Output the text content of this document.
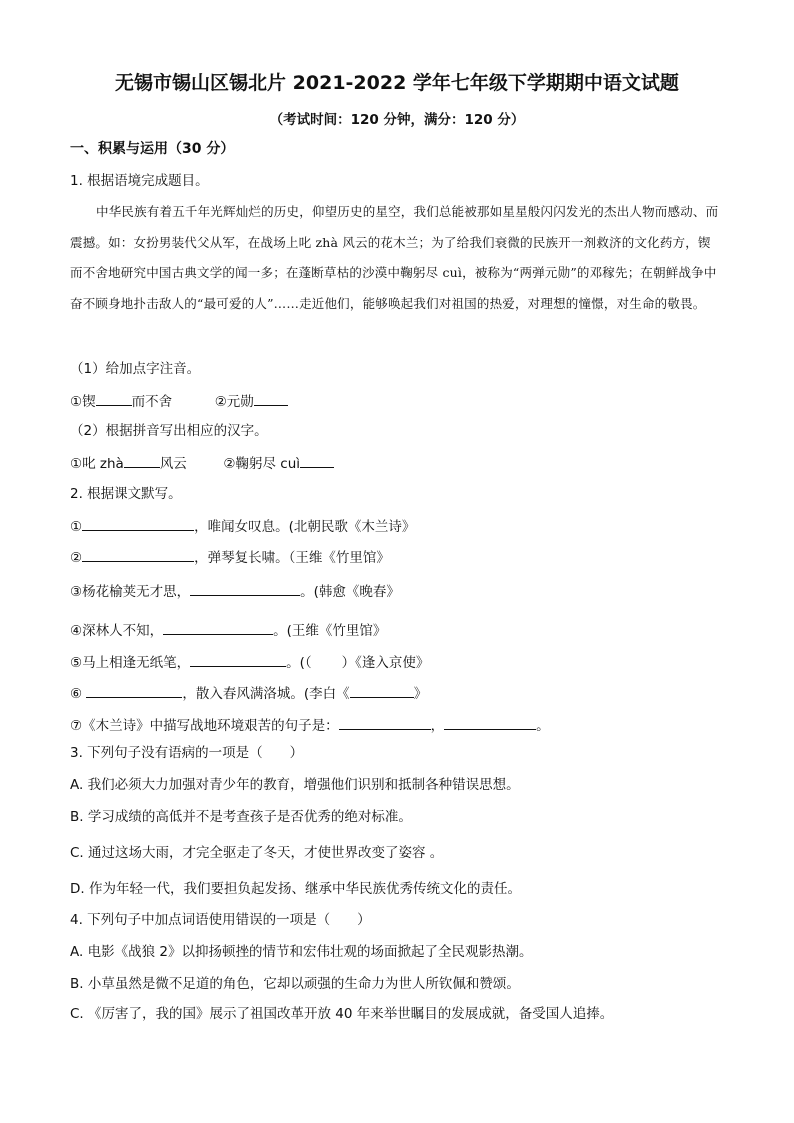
无锡市锡山区锡北片 2021-2022 学年七年级下学期期中语文试题
（考试时间：120 分钟，满分：120 分）
一、积累与运用（30 分）
1. 根据语境完成题目。
中华民族有着五千年光辉灿烂的历史，仰望历史的星空，我们总能被那如星星般闪闪发光的杰出人物而感动、而震撼。如：女扮男装代父从军，在战场上叱 zhà 风云的花木兰；为了给我们衰微的民族开一剂救济的文化药方，锲而不舍地研究中国古典文学的闻一多；在蓬断草枯的沙漠中鞠躬尽 cuì，被称为“两弹元勋”的邓稼先；在朝鲜战争中奋不顾身地扑击敌人的“最可爱的人”……走近他们，能够唤起我们对祖国的热爱，对理想的憧憬，对生命的敬畏。
（1）给加点字注音。
①锲	而不舍	②元勋
（2）根据拼音写出相应的汉字。
①叱 zhà	风云	②鞠躬尽 cuì
2. 根据课文默写。
①	，唯闻女叹息。(北朝民歌《木兰诗》
②	，弹琴复长啸。（王维《竹里馆》
③杨花榆荚无才思，	。(韩愈《晚春》
④深林人不知，	。(王维《竹里馆》
⑤马上相逢无纸笔，	。(（ ）《逢入京使》
⑥	，散入春风满洛城。(李白《	》
⑦《木兰诗》中描写战地环境艰苦的句子是：	，	。
3. 下列句子没有语病的一项是（　　）
A. 我们必须大力加强对青少年的教育，增强他们识别和抵制各种错误思想。
B. 学习成绩的高低并不是考查孩子是否优秀的绝对标准。
C. 通过这场大雨，才完全驱走了冬天，才使世界改变了姿容 。
D. 作为年轻一代，我们要担负起发扬、继承中华民族优秀传统文化的责任。
4. 下列句子中加点词语使用错误的一项是（　　）
A. 电影《战狼 2》以抑扬顿挫的情节和宏伟壮观的场面掀起了全民观影热潮。
B. 小草虽然是微不足道的角色，它却以顽强的生命力为世人所钦佩和赞颂。
C. 《厉害了，我的国》展示了祖国改革开放 40 年来举世瞩目的发展成就，备受国人追捧。
